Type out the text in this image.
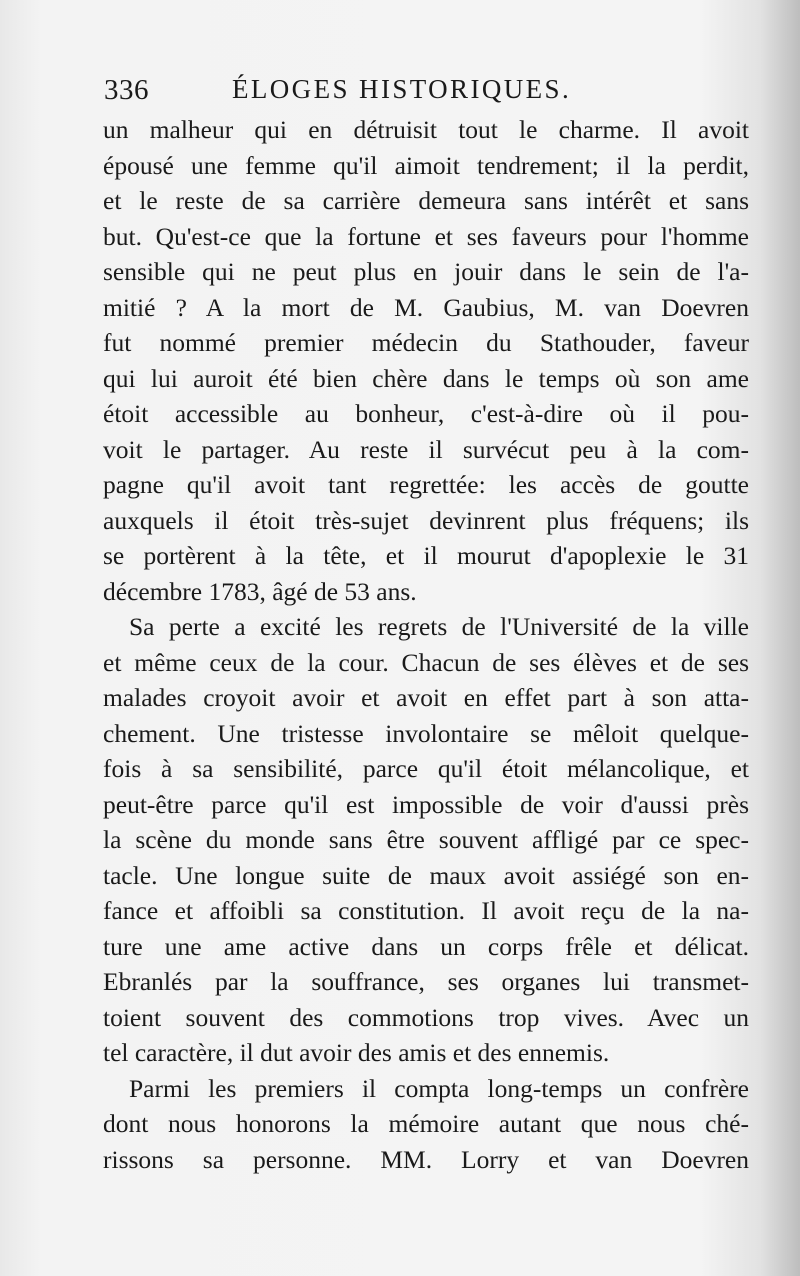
336	ÉLOGES HISTORIQUES.
un malheur qui en détruisit tout le charme. Il avoit
épousé une femme qu'il aimoit tendrement; il la perdit,
et le reste de sa carrière demeura sans intérêt et sans
but. Qu'est-ce que la fortune et ses faveurs pour l'homme
sensible qui ne peut plus en jouir dans le sein de l'a-
mitié ? A la mort de M. Gaubius, M. van Doevren
fut nommé premier médecin du Stathouder, faveur
qui lui auroit été bien chère dans le temps où son ame
étoit accessible au bonheur, c'est-à-dire où il pou-
voit le partager. Au reste il survécut peu à la com-
pagne qu'il avoit tant regrettée: les accès de goutte
auxquels il étoit très-sujet devinrent plus fréquens; ils
se portèrent à la tête, et il mourut d'apoplexie le 31
décembre 1783, âgé de 53 ans.
Sa perte a excité les regrets de l'Université de la ville
et même ceux de la cour. Chacun de ses élèves et de ses
malades croyoit avoir et avoit en effet part à son atta-
chement. Une tristesse involontaire se mêloit quelque-
fois à sa sensibilité, parce qu'il étoit mélancolique, et
peut-être parce qu'il est impossible de voir d'aussi près
la scène du monde sans être souvent affligé par ce spec-
tacle. Une longue suite de maux avoit assiégé son en-
fance et affoibli sa constitution. Il avoit reçu de la na-
ture une ame active dans un corps frêle et délicat.
Ebranlés par la souffrance, ses organes lui transmet-
toient souvent des commotions trop vives. Avec un
tel caractère, il dut avoir des amis et des ennemis.
Parmi les premiers il compta long-temps un confrère
dont nous honorons la mémoire autant que nous ché-
rissons sa personne. MM. Lorry et van Doevren
